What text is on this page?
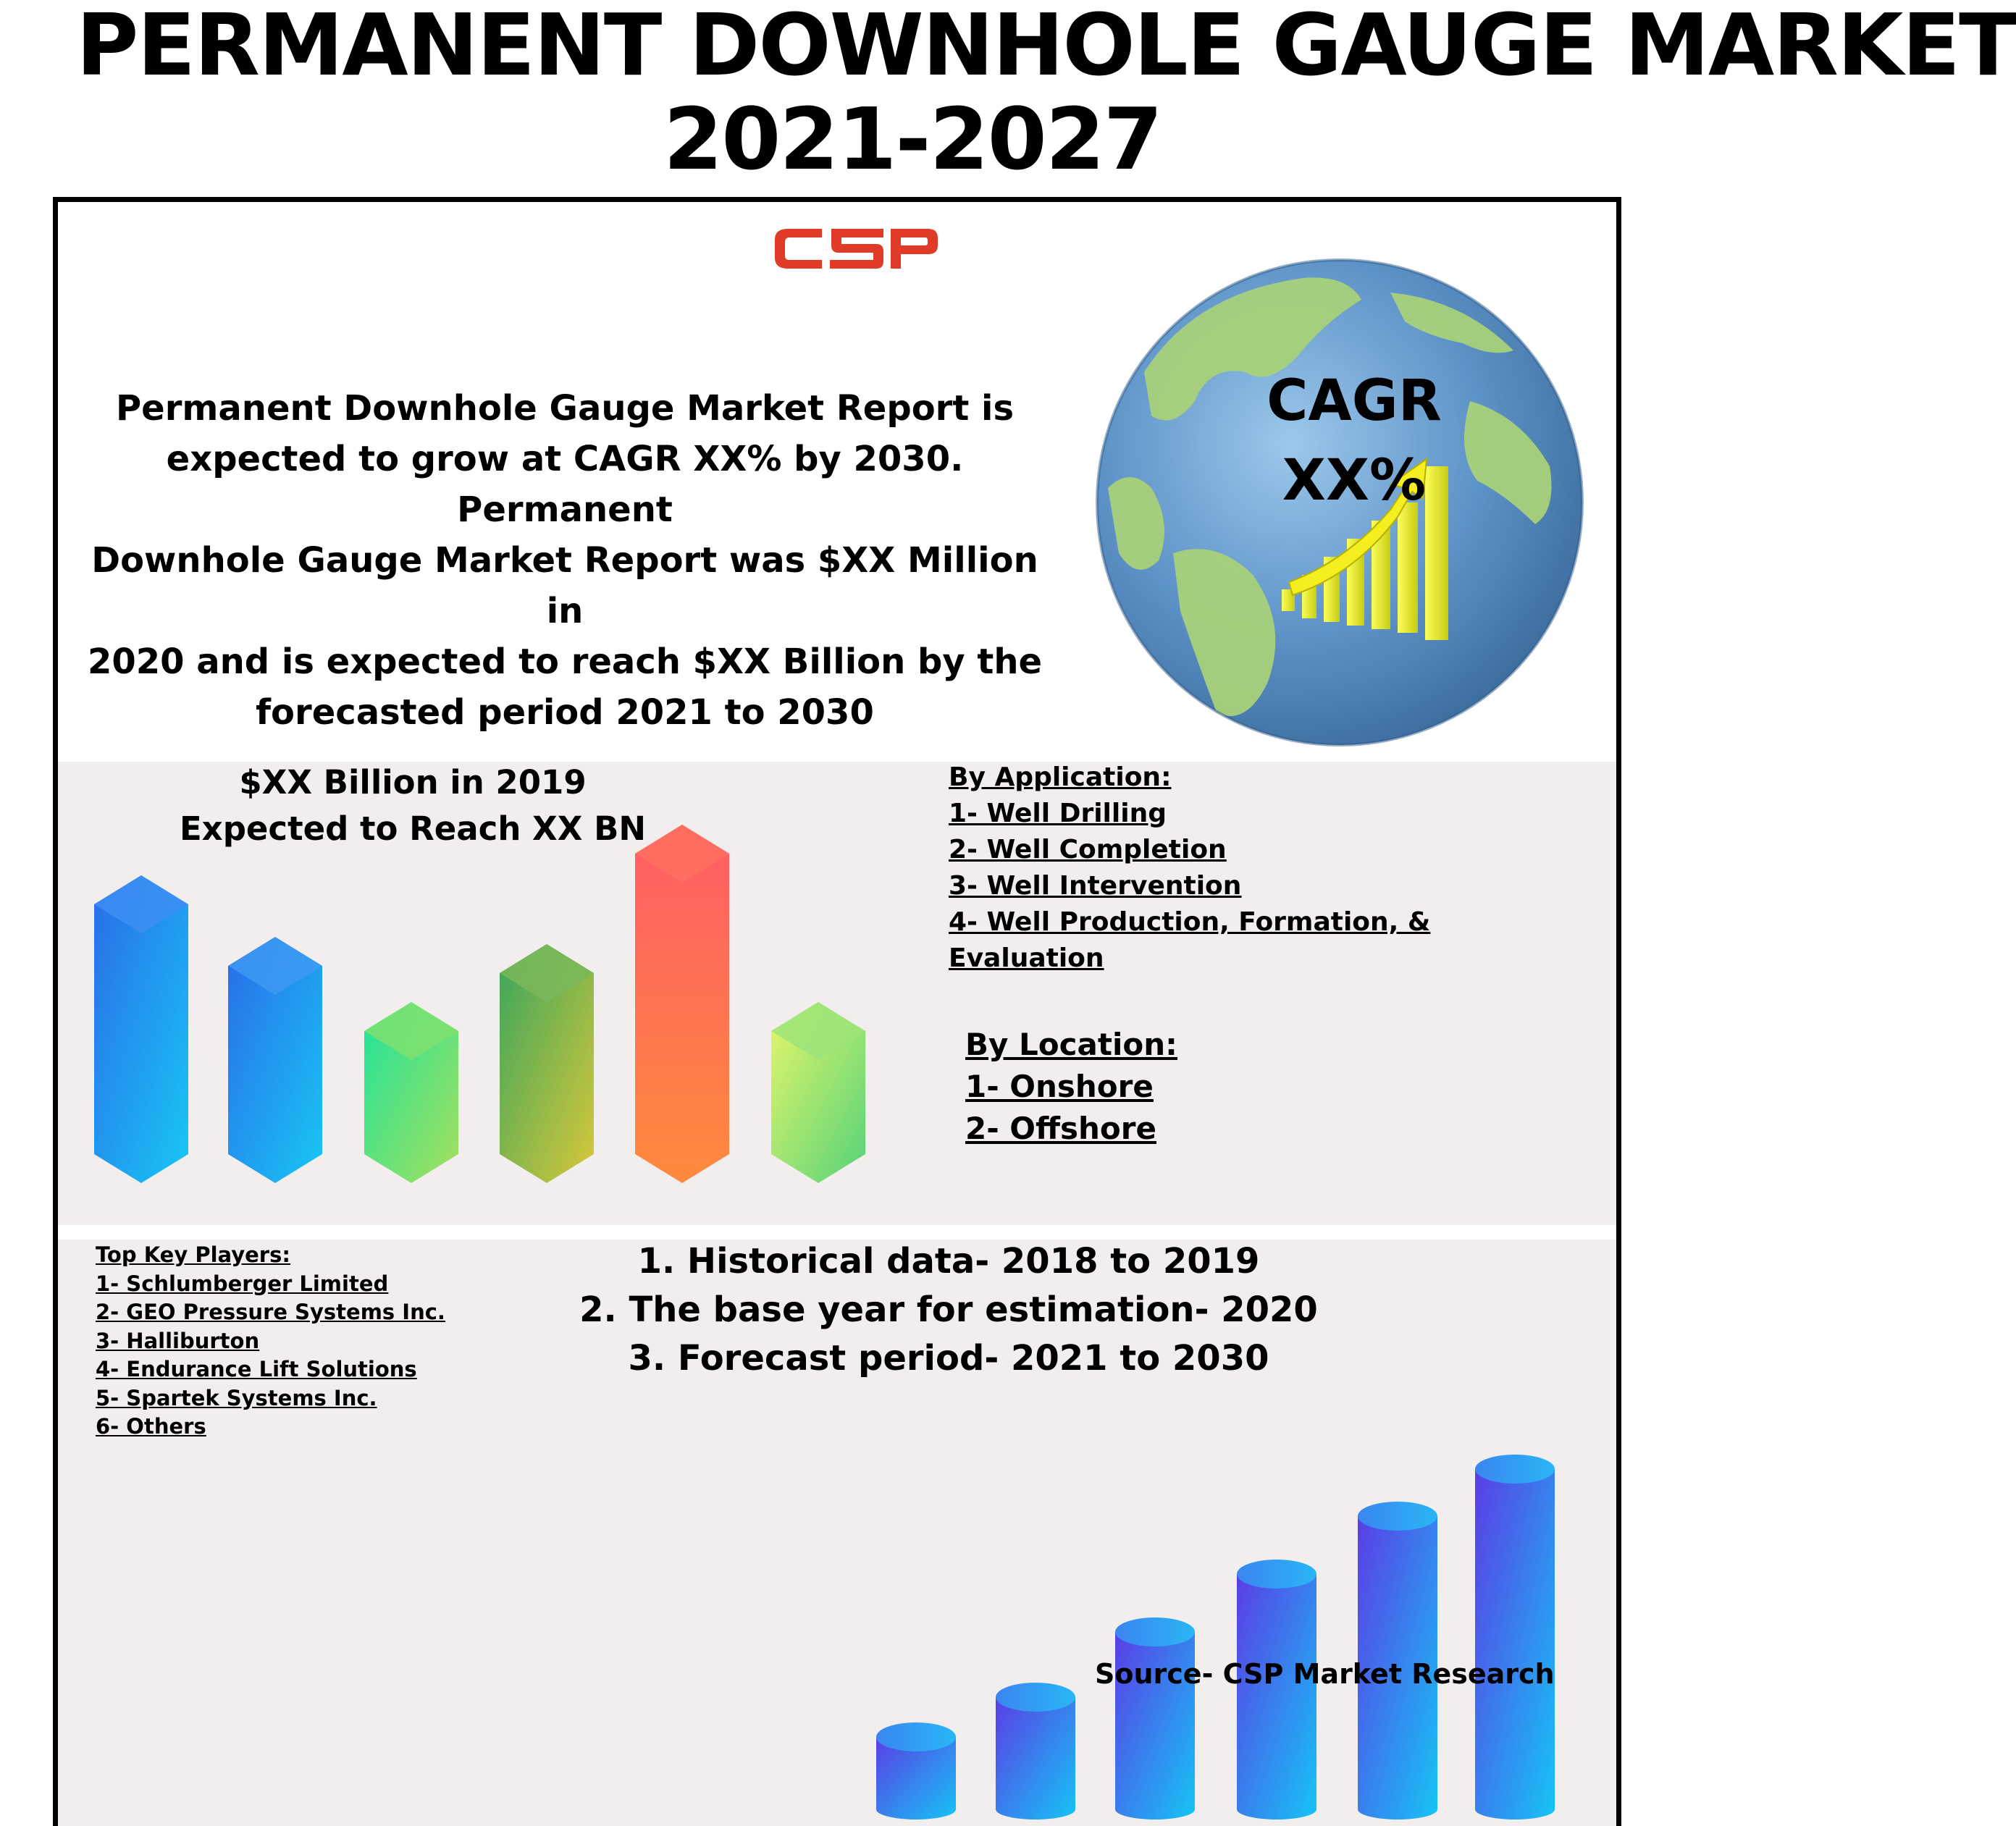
PERMANENT DOWNHOLE GAUGE MARKET
2021-2027
Permanent Downhole Gauge Market Report is
expected to grow at CAGR XX% by 2030. Permanent
Downhole Gauge Market Report was $XX Million in
2020 and is expected to reach $XX Billion by the
forecasted period 2021 to 2030
CAGR
XX%
$XX Billion in 2019
Expected to Reach XX BN
By Application:
1- Well Drilling
2- Well Completion
3- Well Intervention
4- Well Production, Formation, &
Evaluation
By Location:
1- Onshore
2- Offshore
Top Key Players:
1- Schlumberger Limited
2- GEO Pressure Systems Inc.
3- Halliburton
4- Endurance Lift Solutions
5- Spartek Systems Inc.
6- Others
1. Historical data- 2018 to 2019
2. The base year for estimation- 2020
3. Forecast period- 2021 to 2030
Source- CSP Market Research
